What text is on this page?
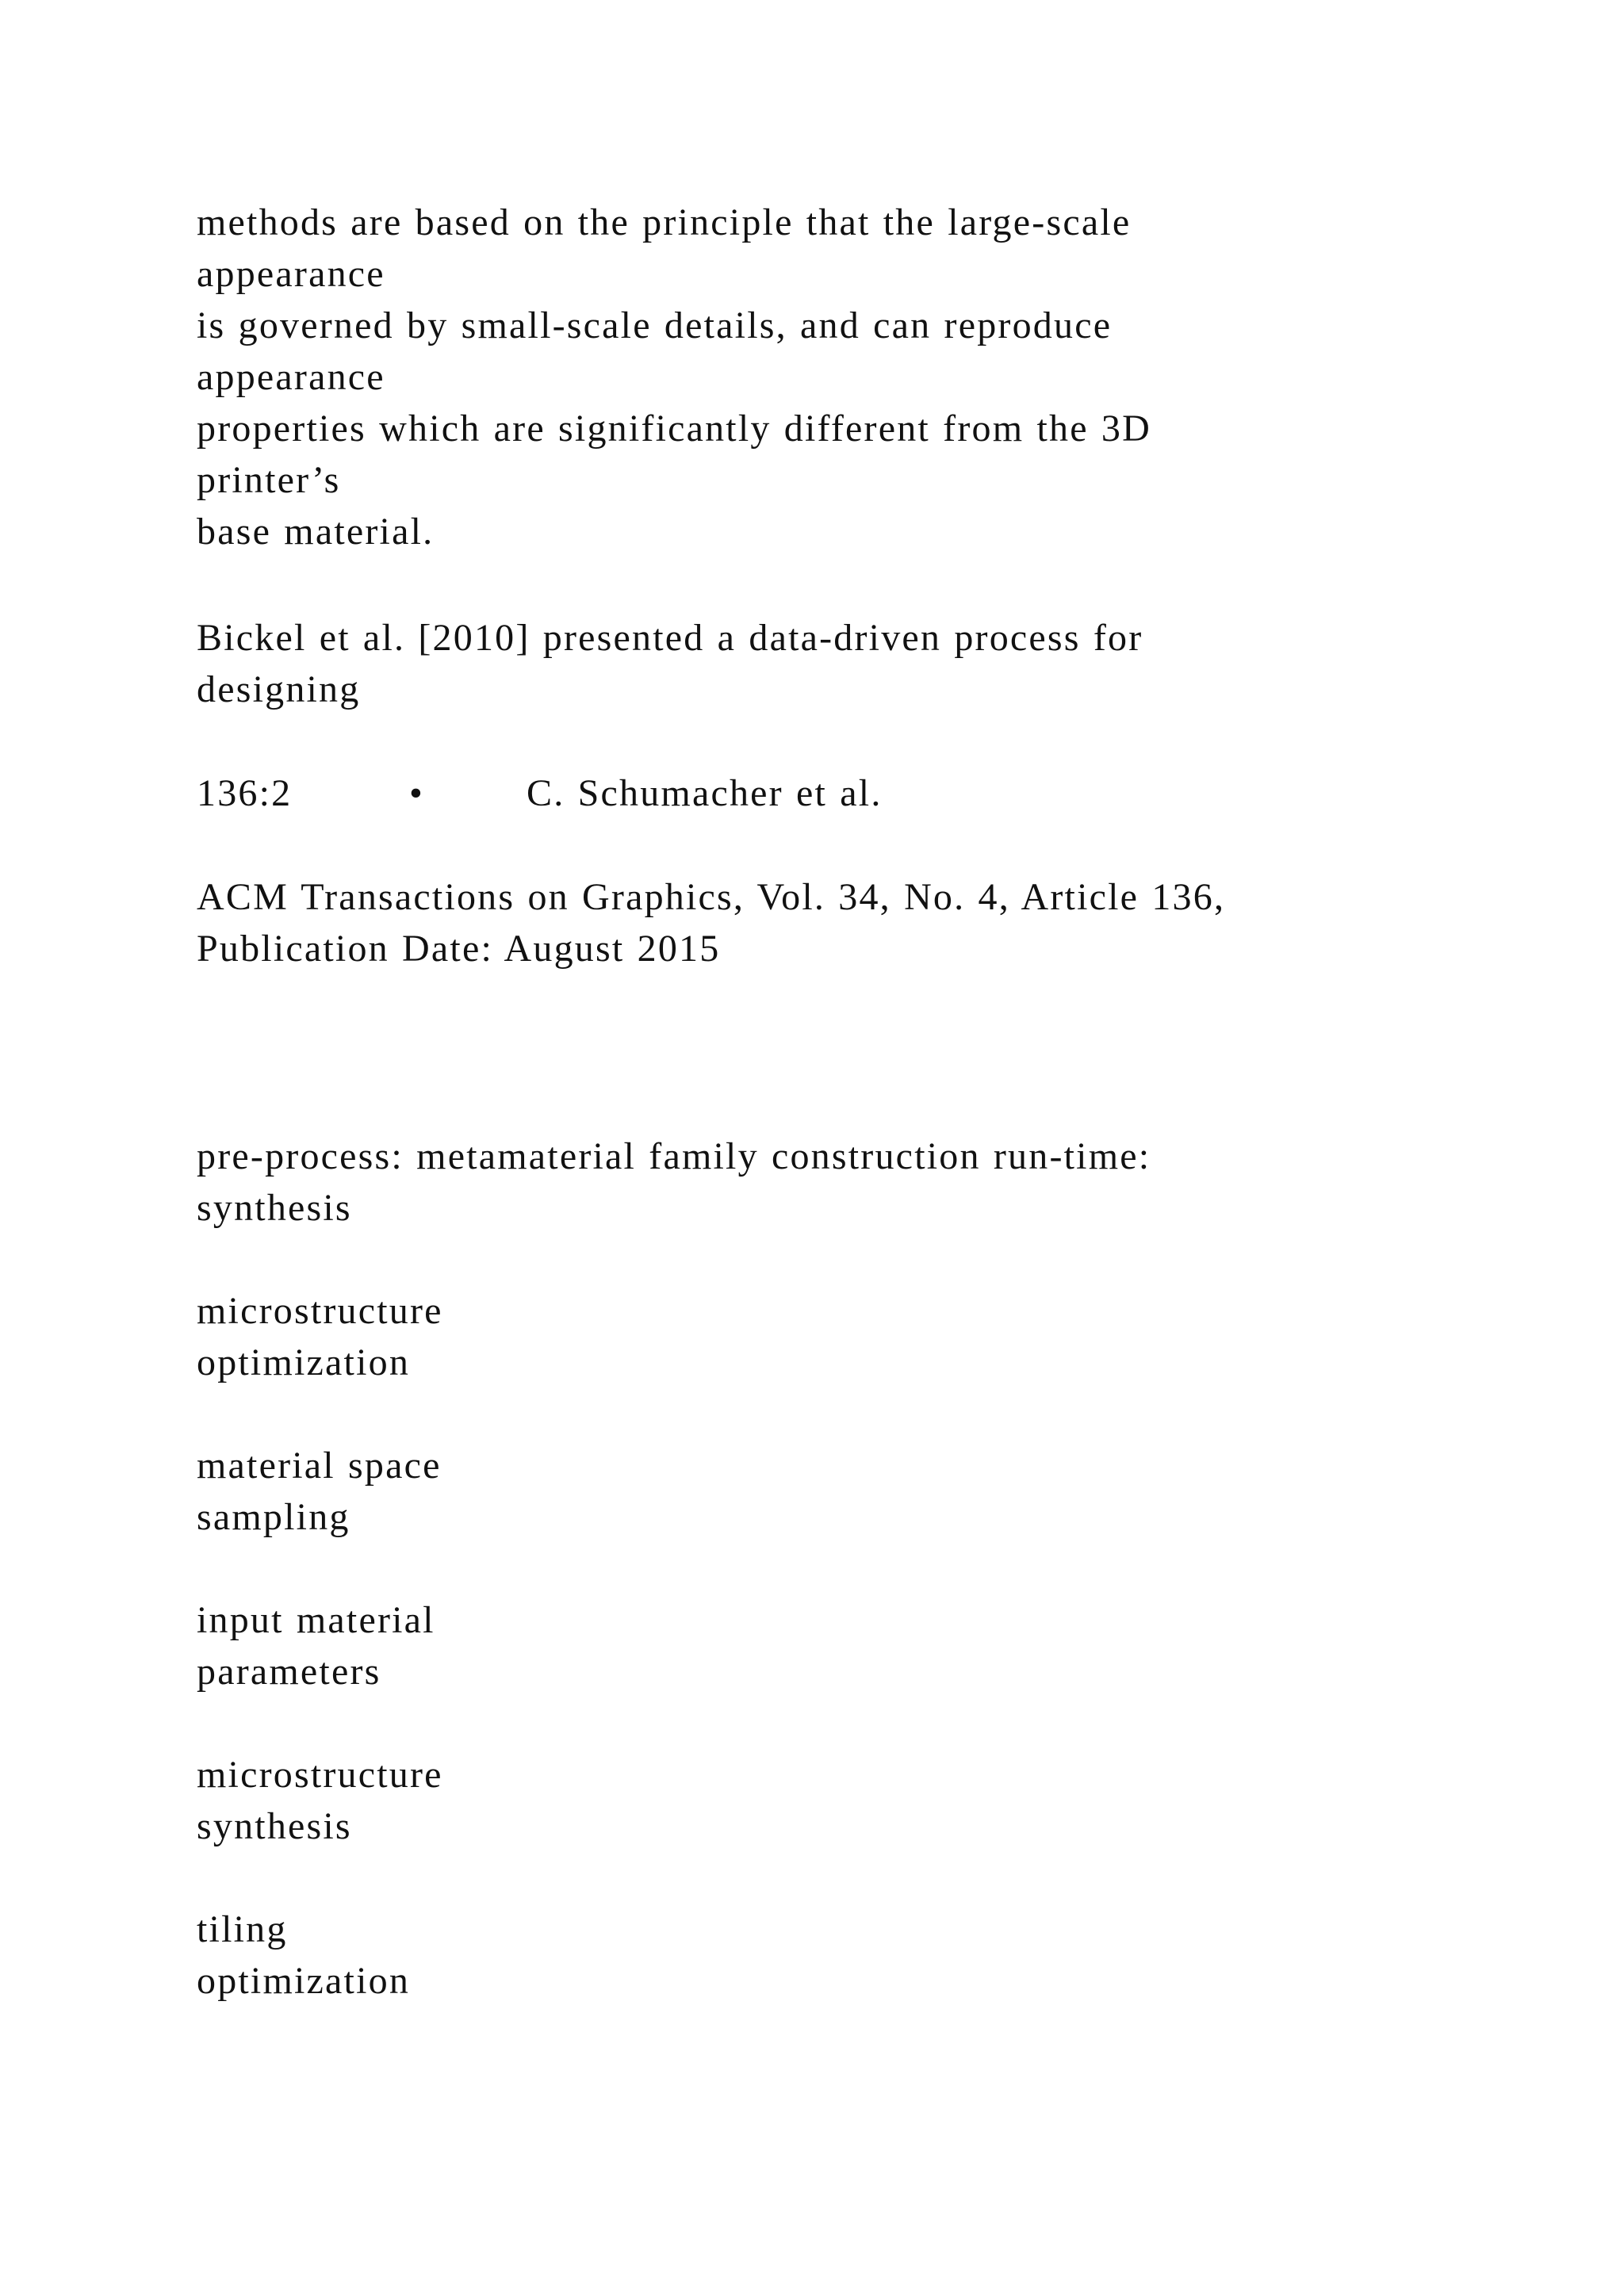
methods are based on the principle that the large-scale
appearance
is governed by small-scale details, and can reproduce
appearance
properties which are significantly different from the 3D
printer’s
base material.
Bickel et al. [2010] presented a data-driven process for
designing
136:2	•	C. Schumacher et al.
ACM Transactions on Graphics, Vol. 34, No. 4, Article 136,
Publication Date: August 2015
pre-process: metamaterial family construction run-time:
synthesis
microstructure
optimization
material space
sampling
input material
parameters
microstructure
synthesis
tiling
optimization
